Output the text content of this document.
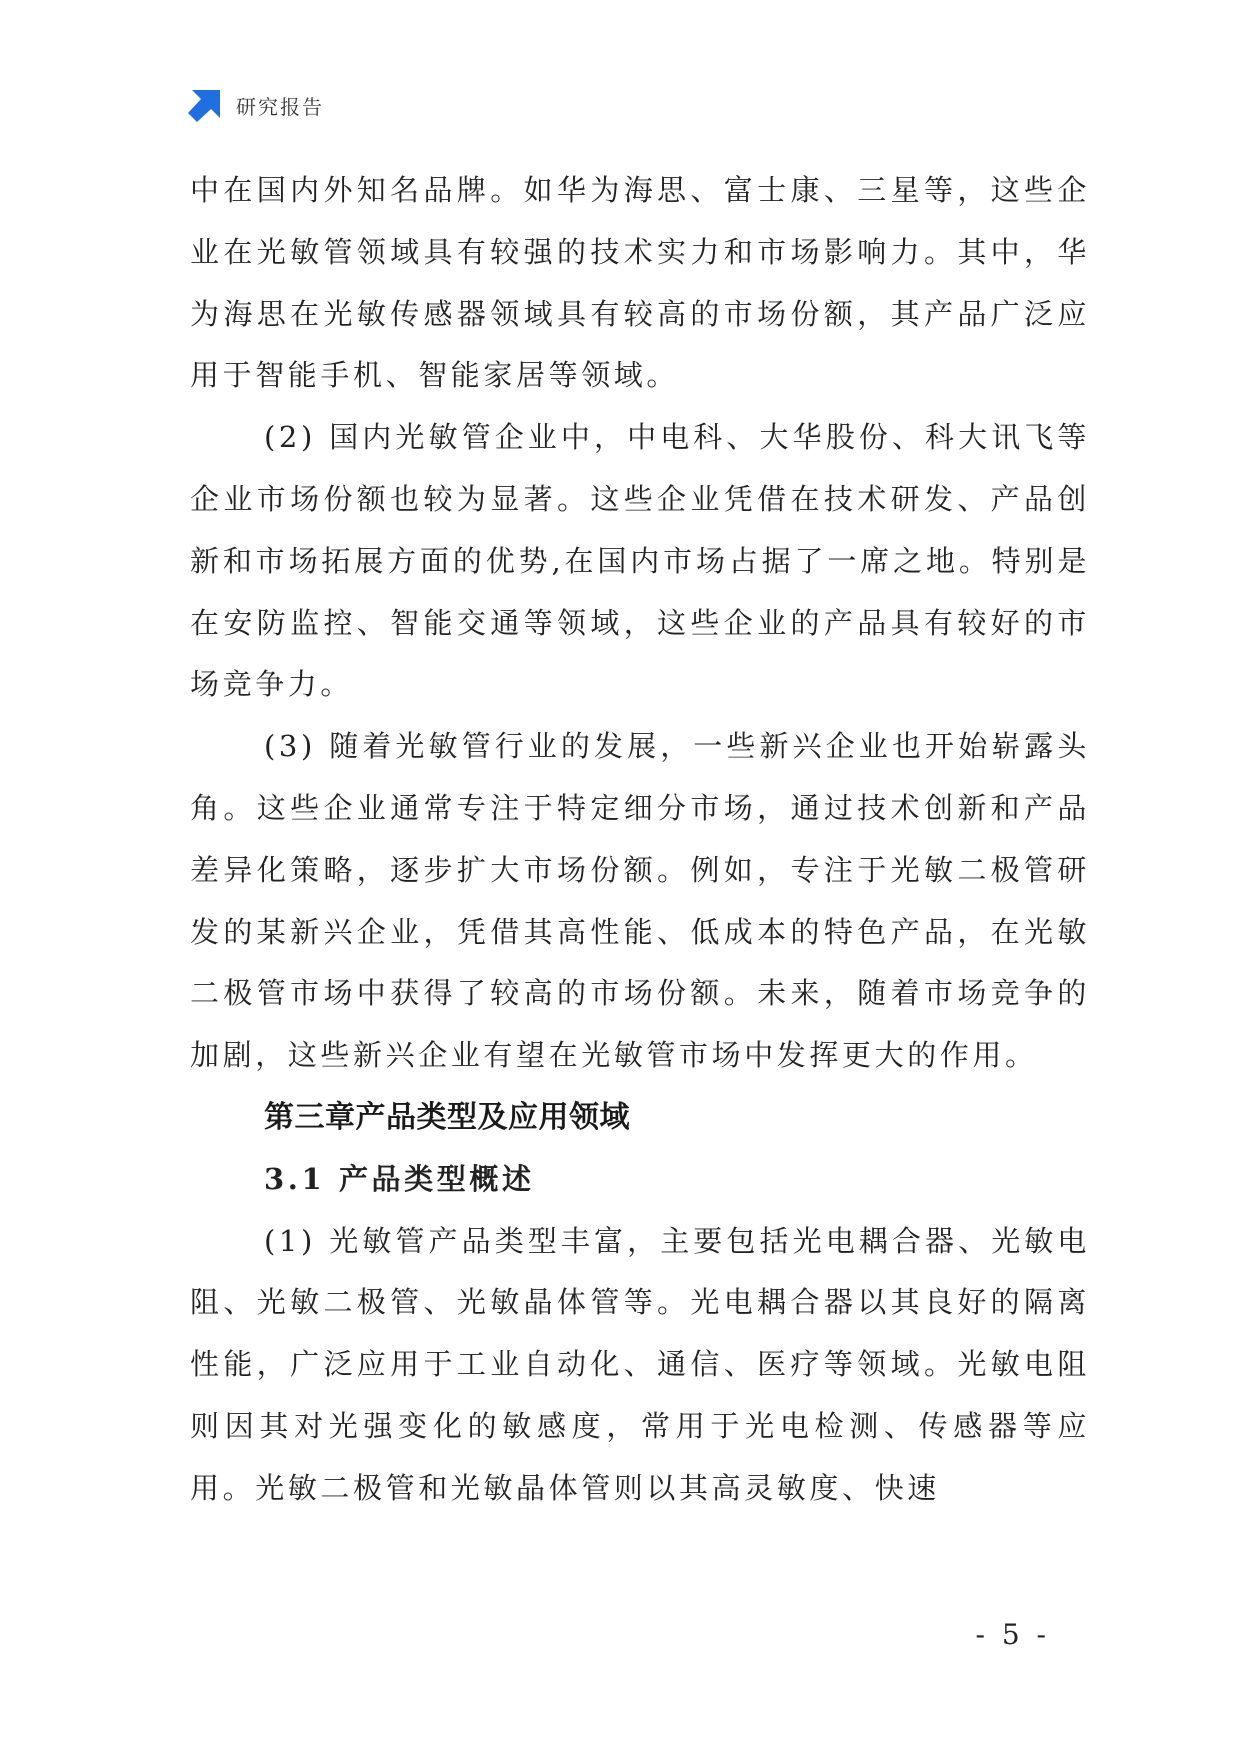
研究报告

中在国内外知名品牌。如华为海思、富士康、三星等，这些企业在光敏管领域具有较强的技术实力和市场影响力。其中，华为海思在光敏传感器领域具有较高的市场份额，其产品广泛应用于智能手机、智能家居等领域。

(2) 国内光敏管企业中，中电科、大华股份、科大讯飞等企业市场份额也较为显著。这些企业凭借在技术研发、产品创新和市场拓展方面的优势,在国内市场占据了一席之地。特别是在安防监控、智能交通等领域，这些企业的产品具有较好的市场竞争力。

(3) 随着光敏管行业的发展，一些新兴企业也开始崭露头角。这些企业通常专注于特定细分市场，通过技术创新和产品差异化策略，逐步扩大市场份额。例如，专注于光敏二极管研发的某新兴企业，凭借其高性能、低成本的特色产品，在光敏二极管市场中获得了较高的市场份额。未来，随着市场竞争的加剧，这些新兴企业有望在光敏管市场中发挥更大的作用。

第三章产品类型及应用领域
3.1 产品类型概述

(1) 光敏管产品类型丰富，主要包括光电耦合器、光敏电阻、光敏二极管、光敏晶体管等。光电耦合器以其良好的隔离性能，广泛应用于工业自动化、通信、医疗等领域。光敏电阻则因其对光强变化的敏感度，常用于光电检测、传感器等应用。光敏二极管和光敏晶体管则以其高灵敏度、快速

- 5 -
